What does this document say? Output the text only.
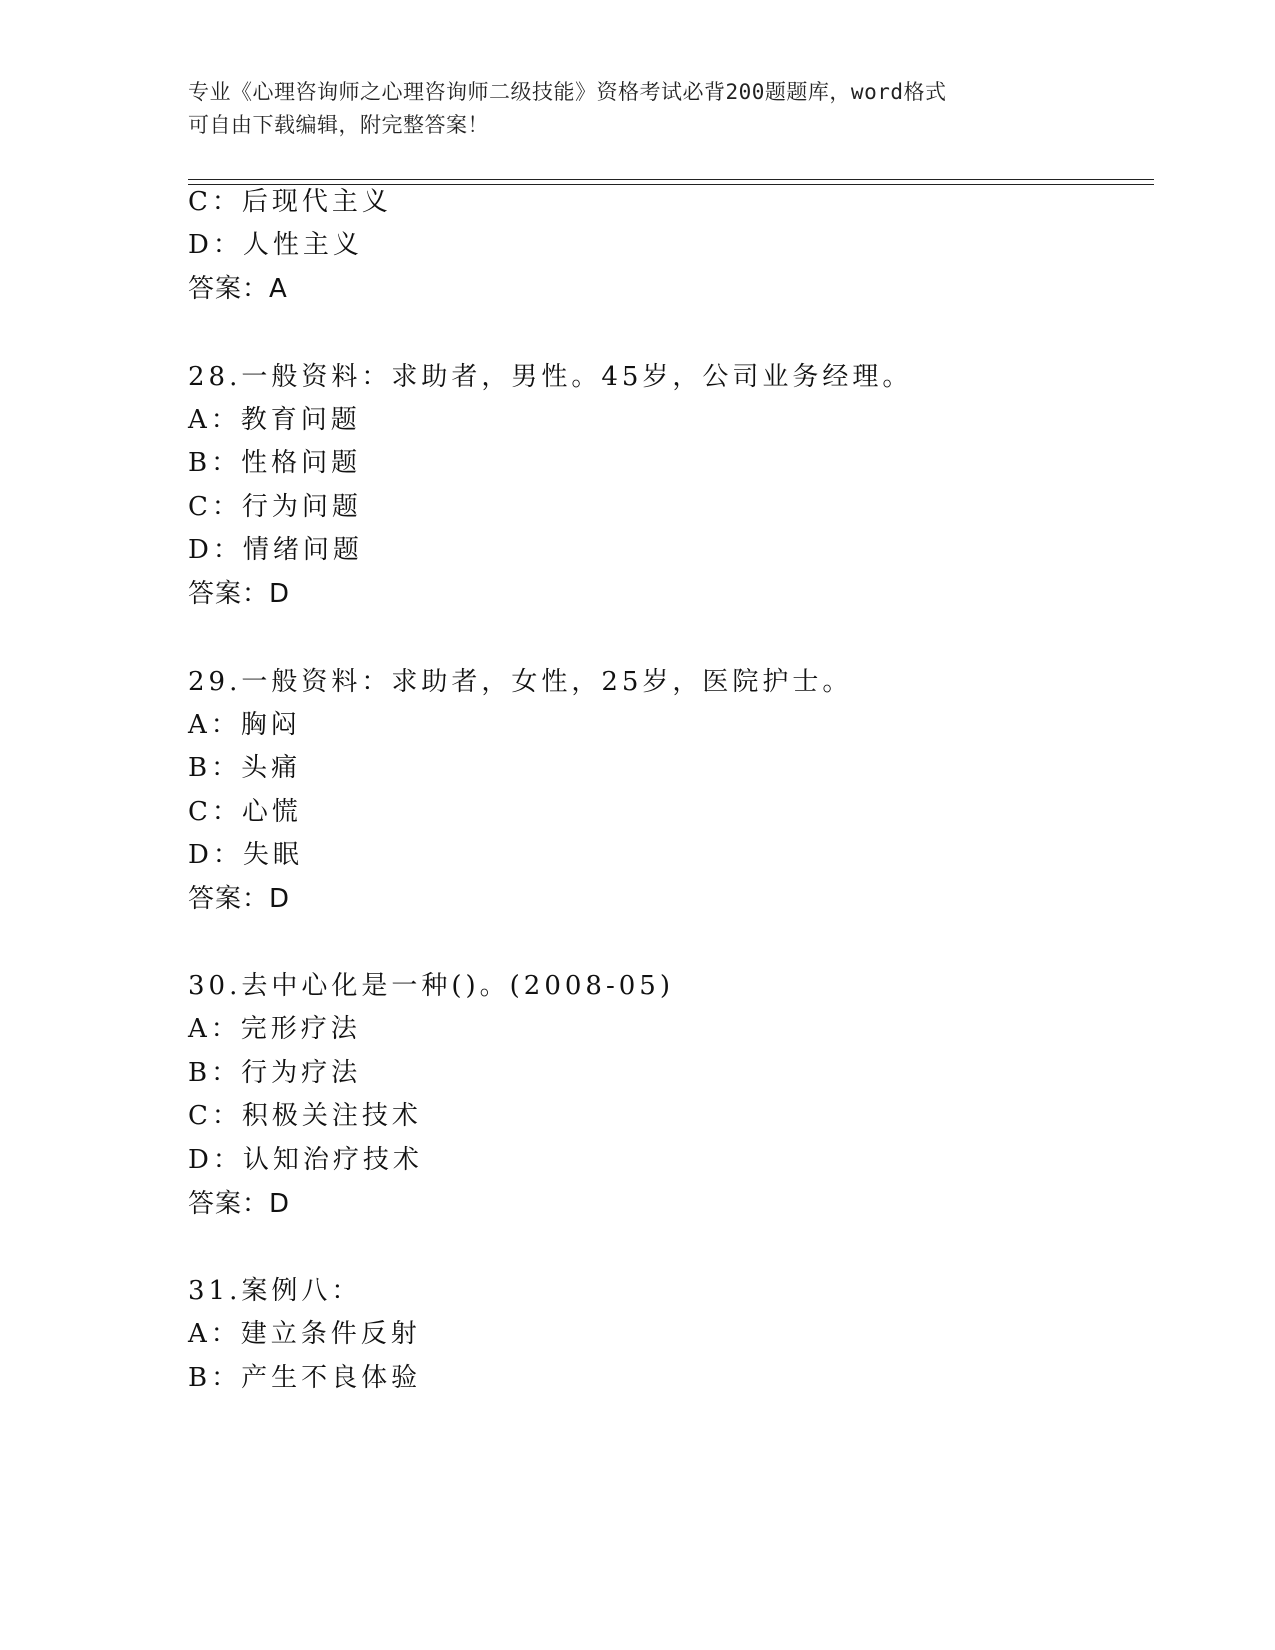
专业《心理咨询师之心理咨询师二级技能》资格考试必背200题题库，word格式
可自由下载编辑，附完整答案！
C：后现代主义
D：人性主义
答案：A
28.一般资料：求助者，男性。45岁，公司业务经理。
A：教育问题
B：性格问题
C：行为问题
D：情绪问题
答案：D
29.一般资料：求助者，女性，25岁，医院护士。
A：胸闷
B：头痛
C：心慌
D：失眠
答案：D
30.去中心化是一种()。(2008-05)
A：完形疗法
B：行为疗法
C：积极关注技术
D：认知治疗技术
答案：D
31.案例八：
A：建立条件反射
B：产生不良体验
